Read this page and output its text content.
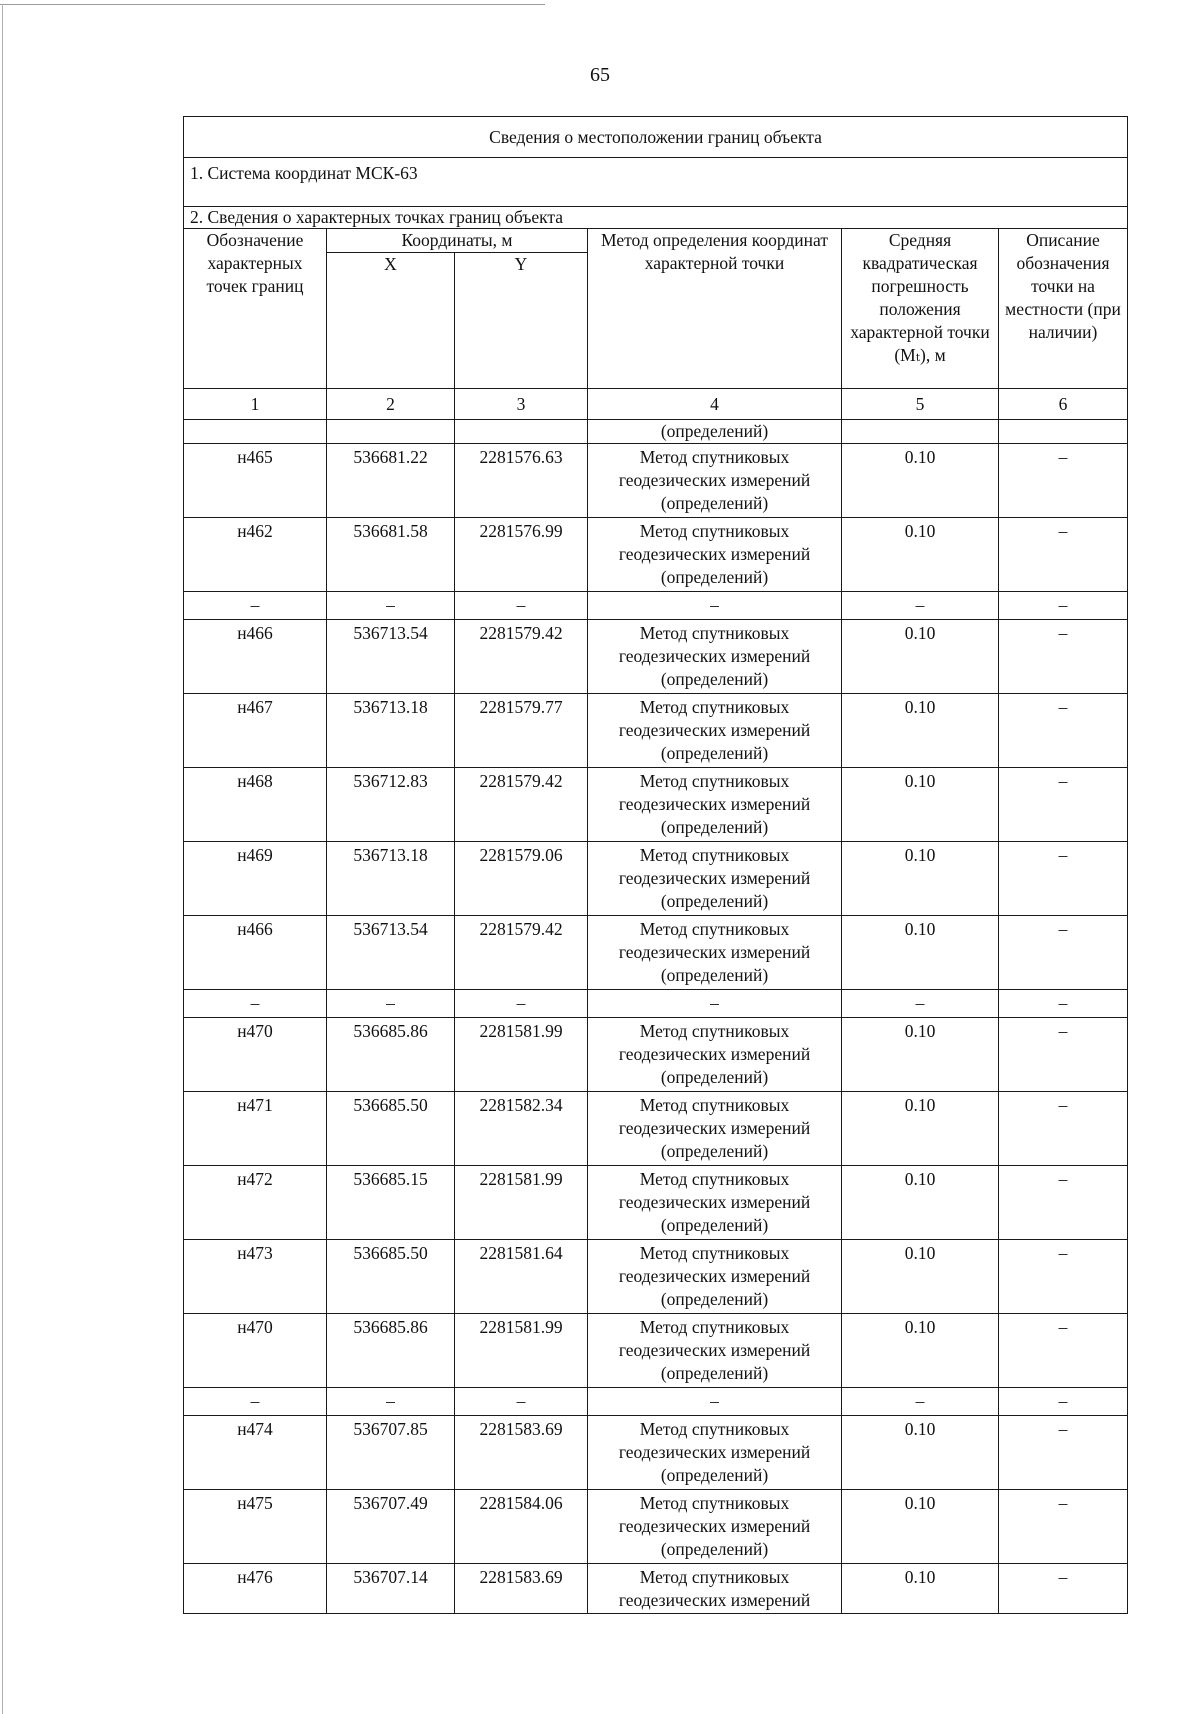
65
Сведения о местоположении границ объекта					
1. Система координат МСК-63					
2. Сведения о характерных точках границ объекта					
Обозначение характерных точек границ	Координаты, м		Метод определения координат характерной точки	Средняя квадратическая погрешность положения характерной точки (Mₜ), м	Описание обозначения точки на местности (при наличии)
	X	Y			
1	2	3	4	5	6
			(определений)		
н465	536681.22	2281576.63	Метод спутниковых геодезических измерений (определений)	0.10	–
н462	536681.58	2281576.99	Метод спутниковых геодезических измерений (определений)	0.10	–
–	–	–	–	–	–
н466	536713.54	2281579.42	Метод спутниковых геодезических измерений (определений)	0.10	–
н467	536713.18	2281579.77	Метод спутниковых геодезических измерений (определений)	0.10	–
н468	536712.83	2281579.42	Метод спутниковых геодезических измерений (определений)	0.10	–
н469	536713.18	2281579.06	Метод спутниковых геодезических измерений (определений)	0.10	–
н466	536713.54	2281579.42	Метод спутниковых геодезических измерений (определений)	0.10	–
–	–	–	–	–	–
н470	536685.86	2281581.99	Метод спутниковых геодезических измерений (определений)	0.10	–
н471	536685.50	2281582.34	Метод спутниковых геодезических измерений (определений)	0.10	–
н472	536685.15	2281581.99	Метод спутниковых геодезических измерений (определений)	0.10	–
н473	536685.50	2281581.64	Метод спутниковых геодезических измерений (определений)	0.10	–
н470	536685.86	2281581.99	Метод спутниковых геодезических измерений (определений)	0.10	–
–	–	–	–	–	–
н474	536707.85	2281583.69	Метод спутниковых геодезических измерений (определений)	0.10	–
н475	536707.49	2281584.06	Метод спутниковых геодезических измерений (определений)	0.10	–
н476	536707.14	2281583.69	Метод спутниковых геодезических измерений	0.10	–
